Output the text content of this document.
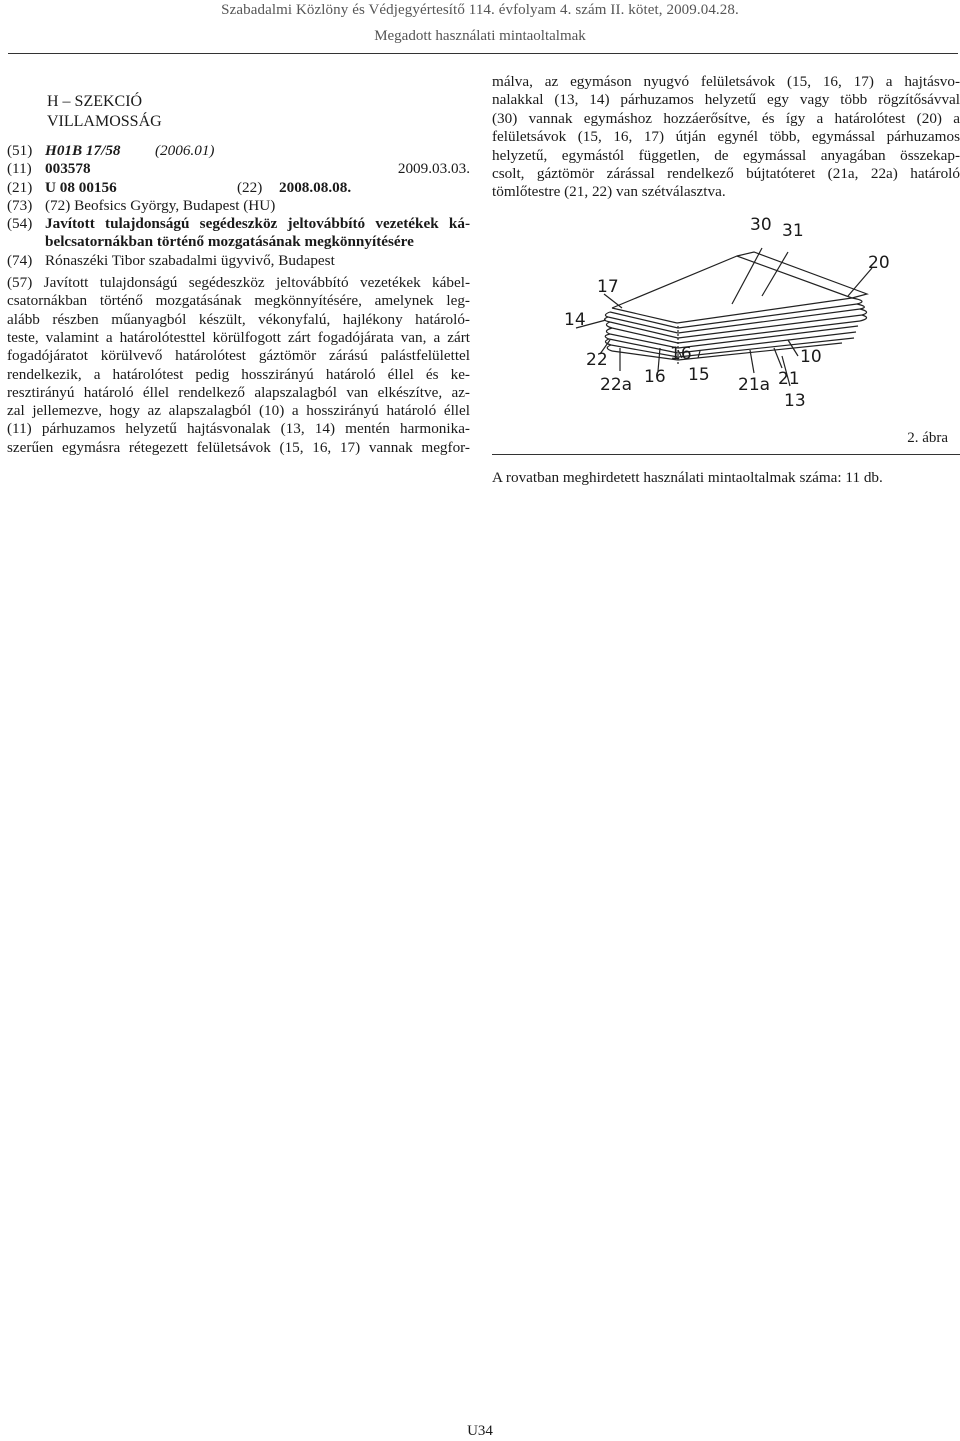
Szabadalmi Közlöny és Védjegyértesítő 114. évfolyam 4. szám II. kötet, 2009.04.28.
Megadott használati mintaoltalmak
H – SZEKCIÓ
VILLAMOSSÁG
(51) H01B 17/58	(2006.01)
(11) 003578	2009.03.03.
(21) U 08 00156	(22)	2008.08.08.
(73) (72) Beofsics György, Budapest (HU)
(54) Javított tulajdonságú segédeszköz jeltovábbító vezetékek ká-
belcsatornákban történő mozgatásának megkönnyítésére
(74) Rónaszéki Tibor szabadalmi ügyvivő, Budapest
(57) Javított tulajdonságú segédeszköz jeltovábbító vezetékek kábel-
csatornákban történő mozgatásának megkönnyítésére, amelynek leg-
alább részben műanyagból készült, vékonyfalú, hajlékony határoló-
teste, valamint a határolótesttel körülfogott zárt fogadójárata van, a zárt
fogadójáratot körülvevő határolótest gáztömör zárású palástfelülettel
rendelkezik, a határolótest pedig hosszirányú határoló éllel és ke-
resztirányú határoló éllel rendelkező alapszalagból van elkészítve, az-
zal jellemezve, hogy az alapszalagból (10) a hosszirányú határoló éllel
(11) párhuzamos helyzetű hajtásvonalak (13, 14) mentén harmonika-
szerűen egymásra rétegezett felületsávok (15, 16, 17) vannak megfor-
málva, az egymáson nyugvó felületsávok (15, 16, 17) a hajtásvo-
nalakkal (13, 14) párhuzamos helyzetű egy vagy több rögzítősávval
(30) vannak egymáshoz hozzáerősítve, és így a határolótest (20) a
felületsávok (15, 16, 17) útján egynél több, egymással párhuzamos
helyzetű, egymástól független, de egymással anyagában összekap-
csolt, gáztömör zárással rendelkező bújtatóteret (21a, 22a) határoló
tömlőtestre (21, 22) van szétválasztva.
30 31
20
17
14
22
22a 16
16
15
10
21a 21
13
2. ábra
A rovatban meghirdetett használati mintaoltalmak száma: 11 db.
U34
